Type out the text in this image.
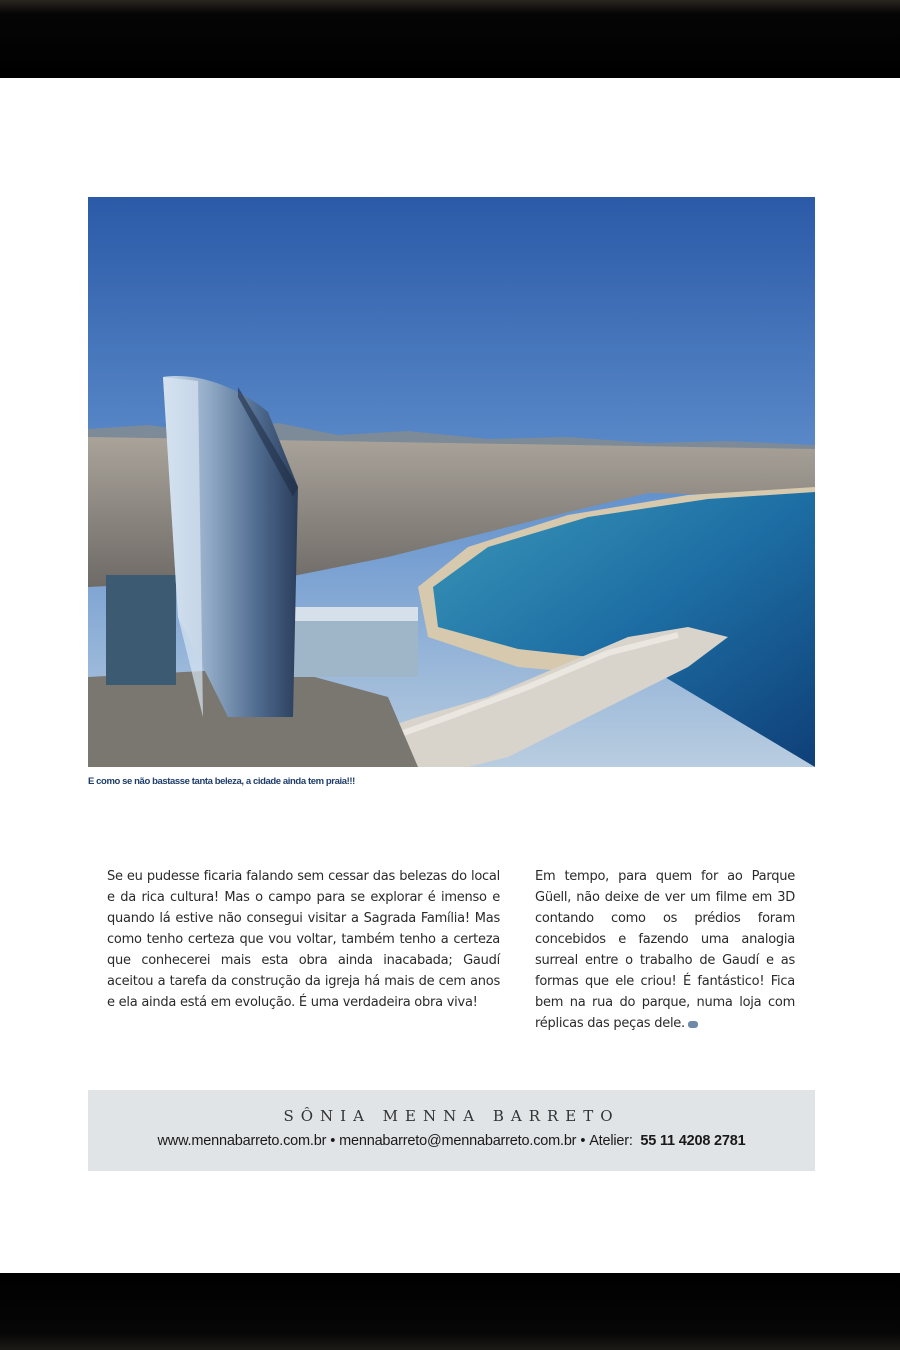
E como se não bastasse tanta beleza, a cidade ainda tem praia!!!

Se eu pudesse ficaria falando sem cessar das belezas do local e da rica cultura! Mas o campo para se explorar é imenso e quando lá estive não consegui visitar a Sagrada Família! Mas como tenho certeza que vou voltar, também tenho a certeza que conhecerei mais esta obra ainda inacabada; Gaudí aceitou a tarefa da construção da igreja há mais de cem anos e ela ainda está em evolução. É uma verdadeira obra viva!

Em tempo, para quem for ao Parque Güell, não deixe de ver um filme em 3D contando como os prédios foram concebidos e fazendo uma analogia surreal entre o trabalho de Gaudí e as formas que ele criou! É fantástico! Fica bem na rua do parque, numa loja com réplicas das peças dele.

SÔNIA MENNA BARRETO
www.mennabarreto.com.br • mennabarreto@mennabarreto.com.br • Atelier: 55 11 4208 2781
